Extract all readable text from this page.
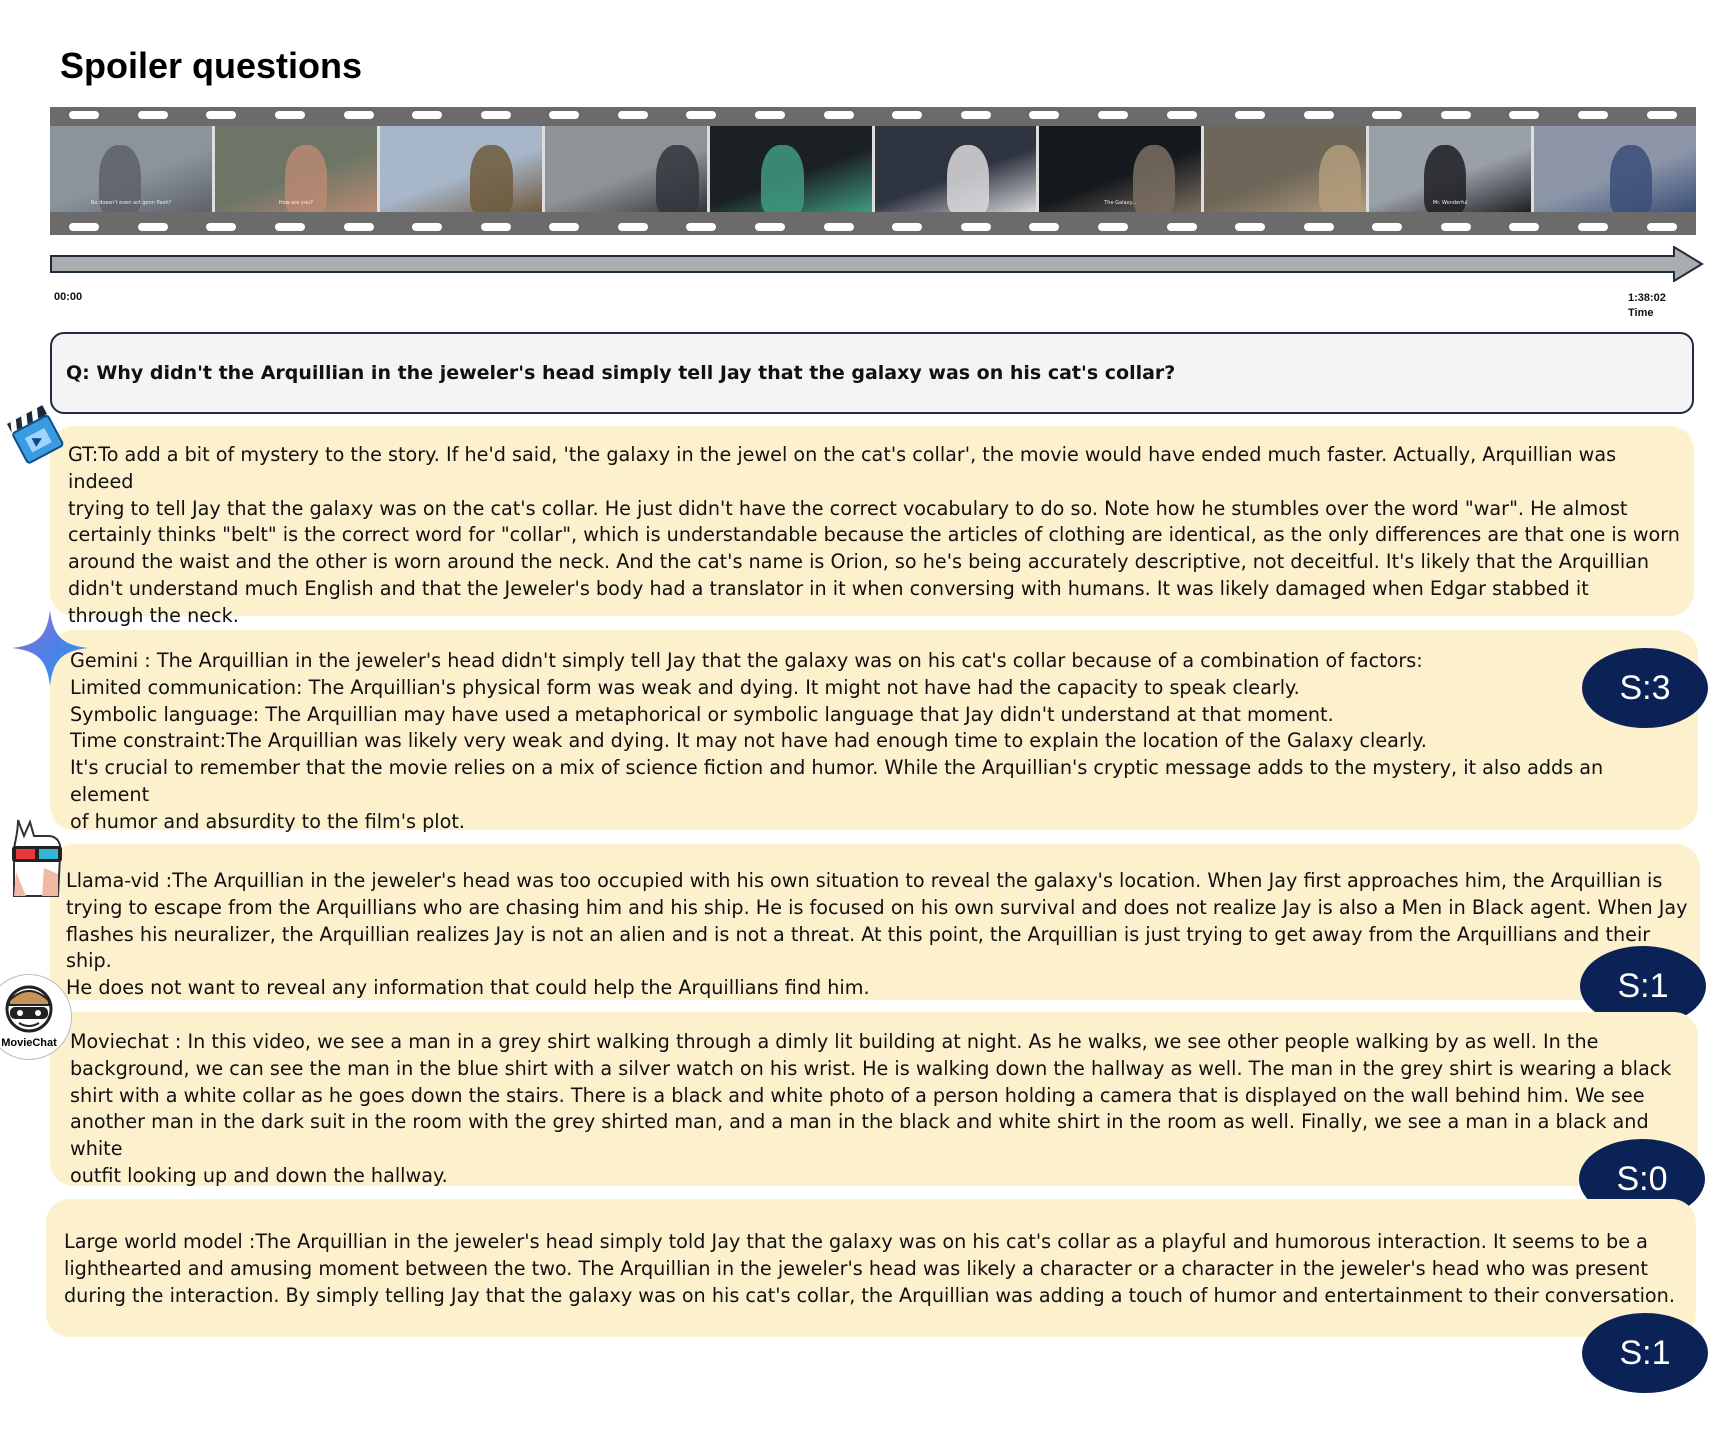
Spoiler questions
No doesn't even act gonn flash?	How are you?	The Galaxy...	Mr. Wonderful
00:00	1:38:02
Time
Q: Why didn't the Arquillian in the jeweler's head simply tell Jay that the galaxy was on his cat's collar?

GT:To add a bit of mystery to the story. If he'd said, 'the galaxy in the jewel on the cat's collar', the movie would have ended much faster. Actually, Arquillian was indeed

trying to tell Jay that the galaxy was on the cat's collar. He just didn't have the correct vocabulary to do so. Note how he stumbles over the word "war". He almost

certainly thinks "belt" is the correct word for "collar", which is understandable because the articles of clothing are identical, as the only differences are that one is worn

around the waist and the other is worn around the neck. And the cat's name is Orion, so he's being accurately descriptive, not deceitful. It's likely that the Arquillian

didn't understand much English and that the Jeweler's body had a translator in it when conversing with humans. It was likely damaged when Edgar stabbed it

through the neck.

Gemini : The Arquillian in the jeweler's head didn't simply tell Jay that the galaxy was on his cat's collar because of a combination of factors:

Limited communication: The Arquillian's physical form was weak and dying. It might not have had the capacity to speak clearly.

Symbolic language: The Arquillian may have used a metaphorical or symbolic language that Jay didn't understand at that moment.

Time constraint:The Arquillian was likely very weak and dying. It may not have had enough time to explain the location of the Galaxy clearly.

It's crucial to remember that the movie relies on a mix of science fiction and humor. While the Arquillian's cryptic message adds to the mystery, it also adds an element

of humor and absurdity to the film's plot.

S:3

Llama-vid :The Arquillian in the jeweler's head was too occupied with his own situation to reveal the galaxy's location. When Jay first approaches him, the Arquillian is

trying to escape from the Arquillians who are chasing him and his ship. He is focused on his own survival and does not realize Jay is also a Men in Black agent. When Jay

flashes his neuralizer, the Arquillian realizes Jay is not an alien and is not a threat. At this point, the Arquillian is just trying to get away from the Arquillians and their ship.

He does not want to reveal any information that could help the Arquillians find him.	S:1

Moviechat : In this video, we see a man in a grey shirt walking through a dimly lit building at night. As he walks, we see other people walking by as well. In the

background, we can see the man in the blue shirt with a silver watch on his wrist. He is walking down the hallway as well. The man in the grey shirt is wearing a black

shirt with a white collar as he goes down the stairs. There is a black and white photo of a person holding a camera that is displayed on the wall behind him. We see

another man in the dark suit in the room with the grey shirted man, and a man in the black and white shirt in the room as well. Finally, we see a man in a black and white

outfit looking up and down the hallway.

MovieChat
S:0

Large world model :The Arquillian in the jeweler's head simply told Jay that the galaxy was on his cat's collar as a playful and humorous interaction. It seems to be a

lighthearted and amusing moment between the two. The Arquillian in the jeweler's head was likely a character or a character in the jeweler's head who was present

during the interaction. By simply telling Jay that the galaxy was on his cat's collar, the Arquillian was adding a touch of humor and entertainment to their conversation.

S:1
